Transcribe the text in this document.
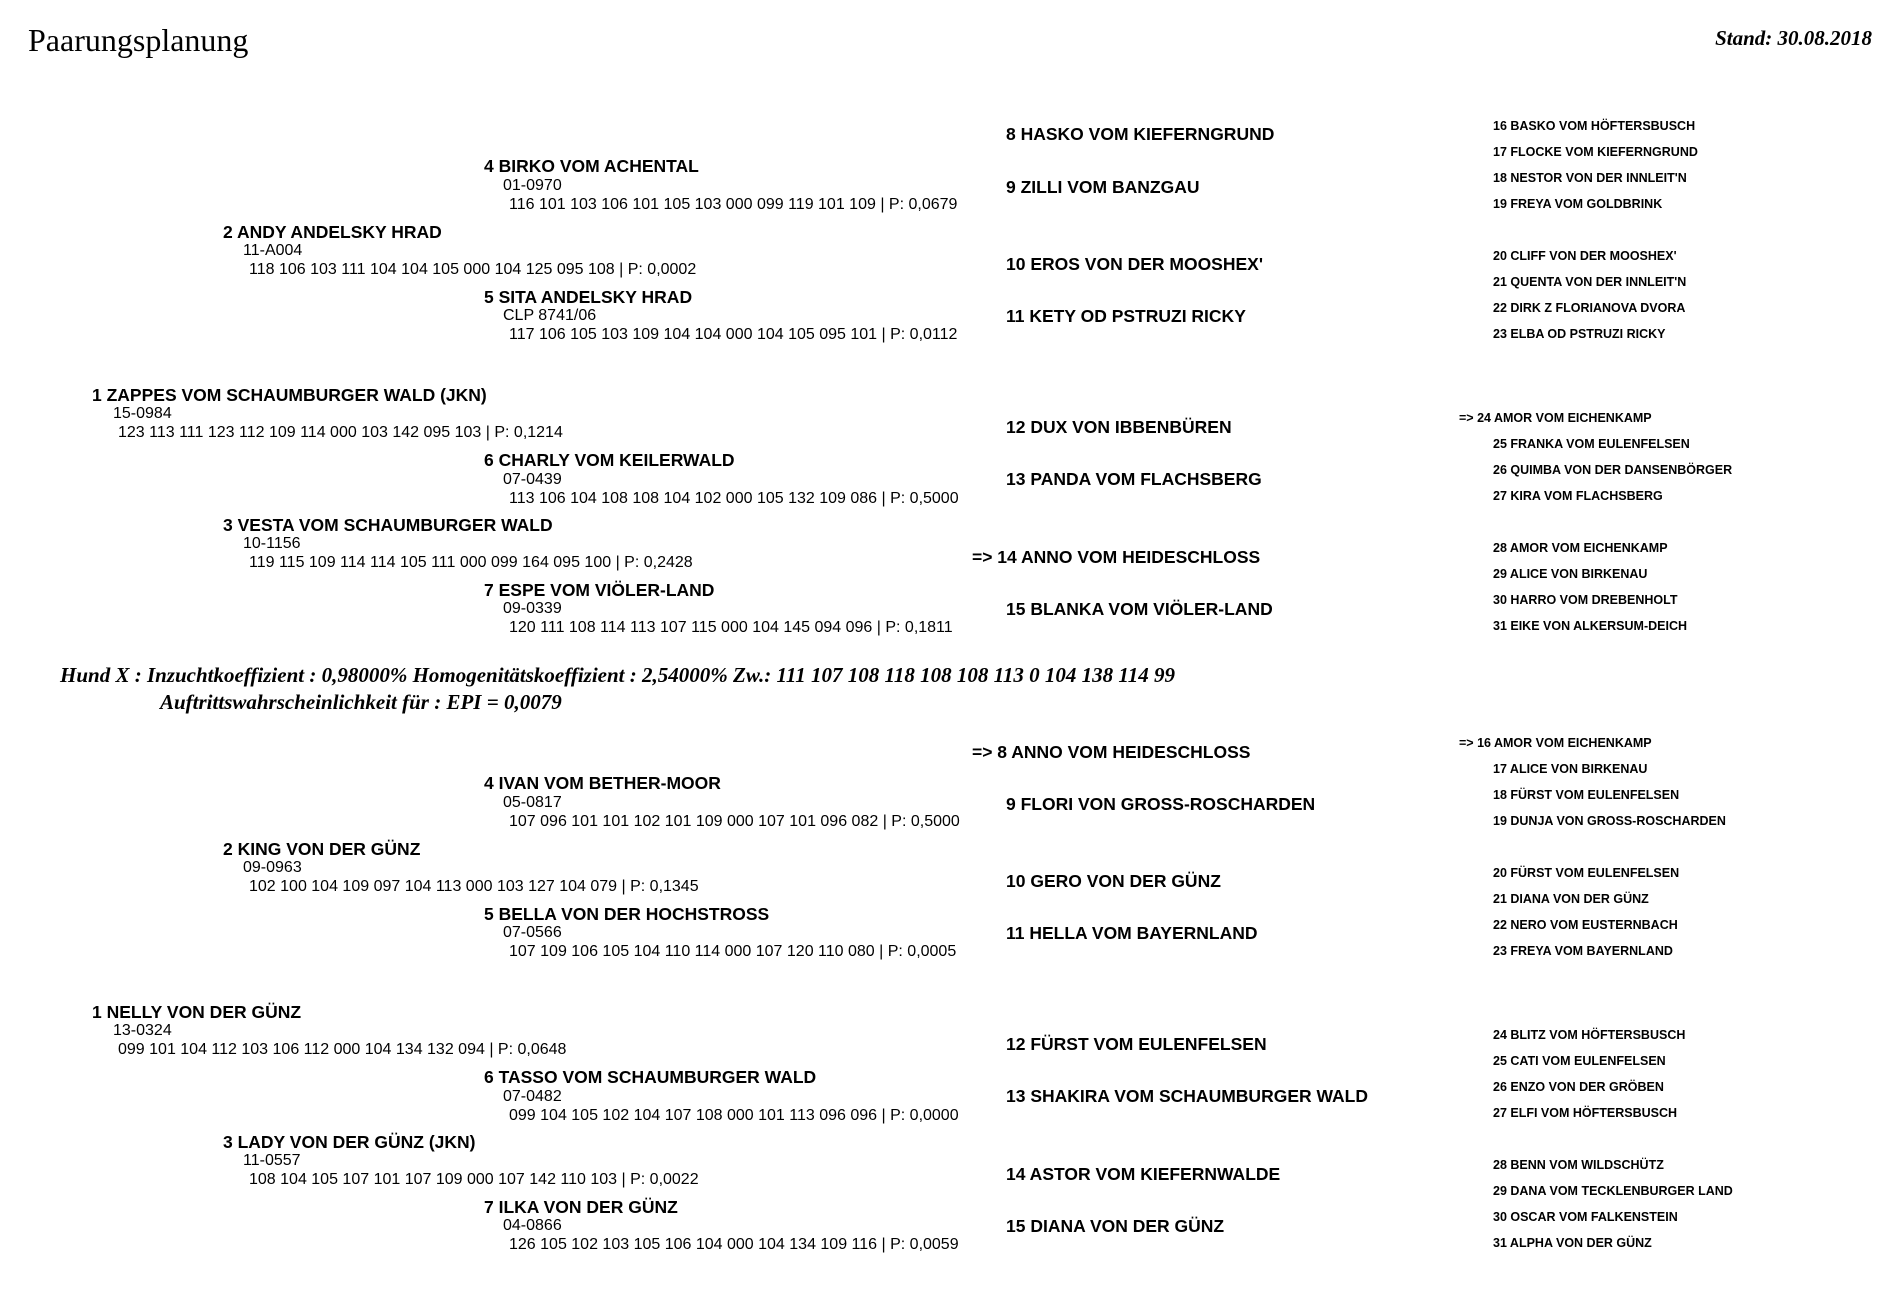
Paarungsplanung	Stand: 30.08.2018
16 BASKO VOM HÖFTERSBUSCH
17 FLOCKE VOM KIEFERNGRUND
18 NESTOR VON DER INNLEIT'N
19 FREYA VOM GOLDBRINK
20 CLIFF VON DER MOOSHEX'
21 QUENTA VON DER INNLEIT'N
22 DIRK Z FLORIANOVA DVORA
23 ELBA OD PSTRUZI RICKY
=> 24 AMOR VOM EICHENKAMP
25 FRANKA VOM EULENFELSEN
26 QUIMBA VON DER DANSENBÖRGER
27 KIRA VOM FLACHSBERG
28 AMOR VOM EICHENKAMP
29 ALICE VON BIRKENAU
30 HARRO VOM DREBENHOLT
31 EIKE VON ALKERSUM-DEICH
8 HASKO VOM KIEFERNGRUND
9 ZILLI VOM BANZGAU
10 EROS VON DER MOOSHEX'
11 KETY OD PSTRUZI RICKY
12 DUX VON IBBENBÜREN
13 PANDA VOM FLACHSBERG
=> 14 ANNO VOM HEIDESCHLOSS
15 BLANKA VOM VIÖLER-LAND
4 BIRKO VOM ACHENTAL
01-0970
116 101 103 106 101 105 103 000 099 119 101 109 | P: 0,0679
5 SITA ANDELSKY HRAD
CLP 8741/06
117 106 105 103 109 104 104 000 104 105 095 101 | P: 0,0112
6 CHARLY VOM KEILERWALD
07-0439
113 106 104 108 108 104 102 000 105 132 109 086 | P: 0,5000
7 ESPE VOM VIÖLER-LAND
09-0339
120 111 108 114 113 107 115 000 104 145 094 096 | P: 0,1811
2 ANDY ANDELSKY HRAD
11-A004
118 106 103 111 104 104 105 000 104 125 095 108 | P: 0,0002
3 VESTA VOM SCHAUMBURGER WALD
10-1156
119 115 109 114 114 105 111 000 099 164 095 100 | P: 0,2428
1 ZAPPES VOM SCHAUMBURGER WALD (JKN)
15-0984
123 113 111 123 112 109 114 000 103 142 095 103 | P: 0,1214
Hund X : Inzuchtkoeffizient : 0,98000% Homogenitätskoeffizient : 2,54000% Zw.: 111 107 108 118 108 108 113 0 104 138 114 99
Auftrittswahrscheinlichkeit für : EPI = 0,0079
=> 16 AMOR VOM EICHENKAMP
17 ALICE VON BIRKENAU
18 FÜRST VOM EULENFELSEN
19 DUNJA VON GROSS-ROSCHARDEN
20 FÜRST VOM EULENFELSEN
21 DIANA VON DER GÜNZ
22 NERO VOM EUSTERNBACH
23 FREYA VOM BAYERNLAND
24 BLITZ VOM HÖFTERSBUSCH
25 CATI VOM EULENFELSEN
26 ENZO VON DER GRÖBEN
27 ELFI VOM HÖFTERSBUSCH
28 BENN VOM WILDSCHÜTZ
29 DANA VOM TECKLENBURGER LAND
30 OSCAR VOM FALKENSTEIN
31 ALPHA VON DER GÜNZ
=> 8 ANNO VOM HEIDESCHLOSS
9 FLORI VON GROSS-ROSCHARDEN
10 GERO VON DER GÜNZ
11 HELLA VOM BAYERNLAND
12 FÜRST VOM EULENFELSEN
13 SHAKIRA VOM SCHAUMBURGER WALD
14 ASTOR VOM KIEFERNWALDE
15 DIANA VON DER GÜNZ
4 IVAN VOM BETHER-MOOR
05-0817
107 096 101 101 102 101 109 000 107 101 096 082 | P: 0,5000
5 BELLA VON DER HOCHSTROSS
07-0566
107 109 106 105 104 110 114 000 107 120 110 080 | P: 0,0005
6 TASSO VOM SCHAUMBURGER WALD
07-0482
099 104 105 102 104 107 108 000 101 113 096 096 | P: 0,0000
7 ILKA VON DER GÜNZ
04-0866
126 105 102 103 105 106 104 000 104 134 109 116 | P: 0,0059
2 KING VON DER GÜNZ
09-0963
102 100 104 109 097 104 113 000 103 127 104 079 | P: 0,1345
3 LADY VON DER GÜNZ (JKN)
11-0557
108 104 105 107 101 107 109 000 107 142 110 103 | P: 0,0022
1 NELLY VON DER GÜNZ
13-0324
099 101 104 112 103 106 112 000 104 134 132 094 | P: 0,0648
